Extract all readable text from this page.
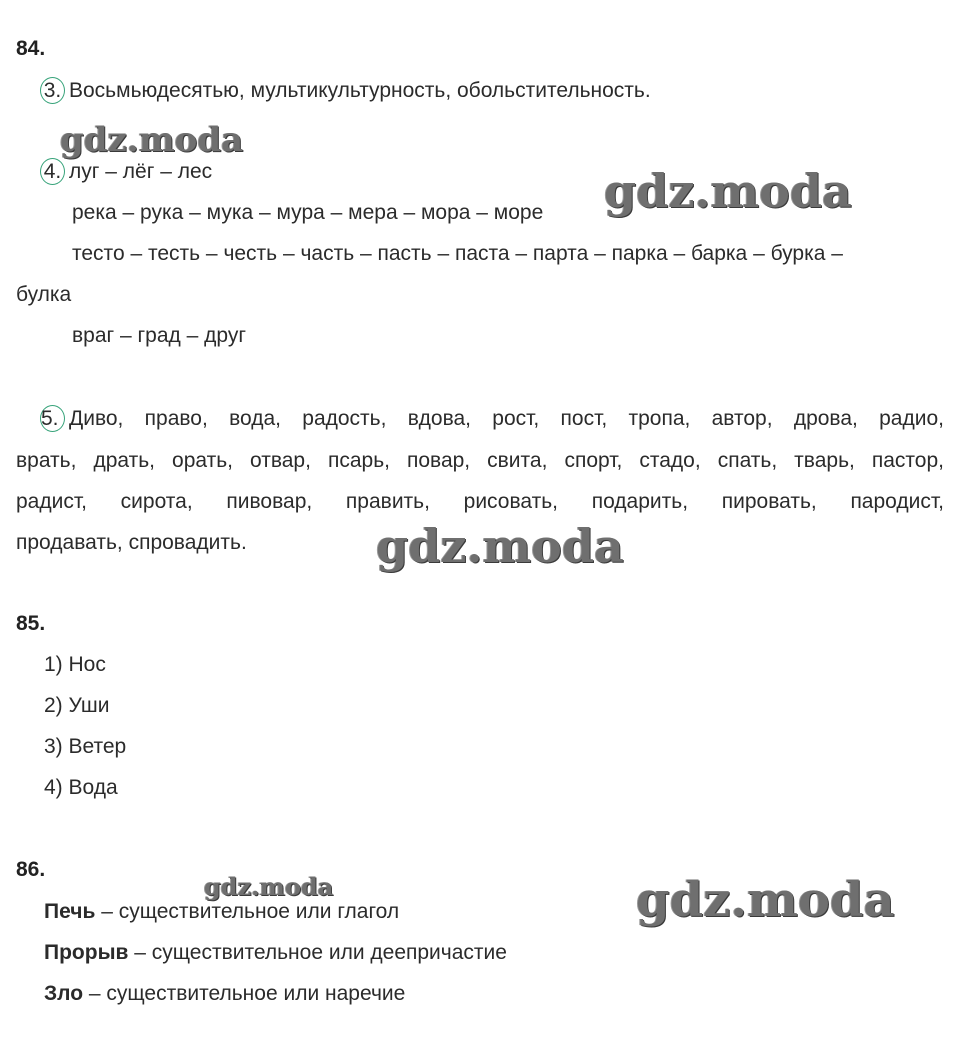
84.
3. Восьмьюдесятью, мультикультурность, обольстительность.
4. луг – лёг – лес
река – рука – мука – мура – мера – мора – море
тесто – тесть – честь – часть – пасть – паста – парта – парка – барка – бурка –
булка
враг – град – друг
5. Диво, право, вода, радость, вдова, рост, пост, тропа, автор, дрова, радио,
врать, драть, орать, отвар, псарь, повар, свита, спорт, стадо, спать, тварь, пастор,
радист, сирота, пивовар, править, рисовать, подарить, пировать, пародист,
продавать, спровадить.
85.
1) Нос
2) Уши
3) Ветер
4) Вода
86.
Печь – существительное или глагол
Прорыв – существительное или деепричастие
Зло – существительное или наречие
gdz.moda
gdz.moda
gdz.moda
gdz.moda	gdz.moda
